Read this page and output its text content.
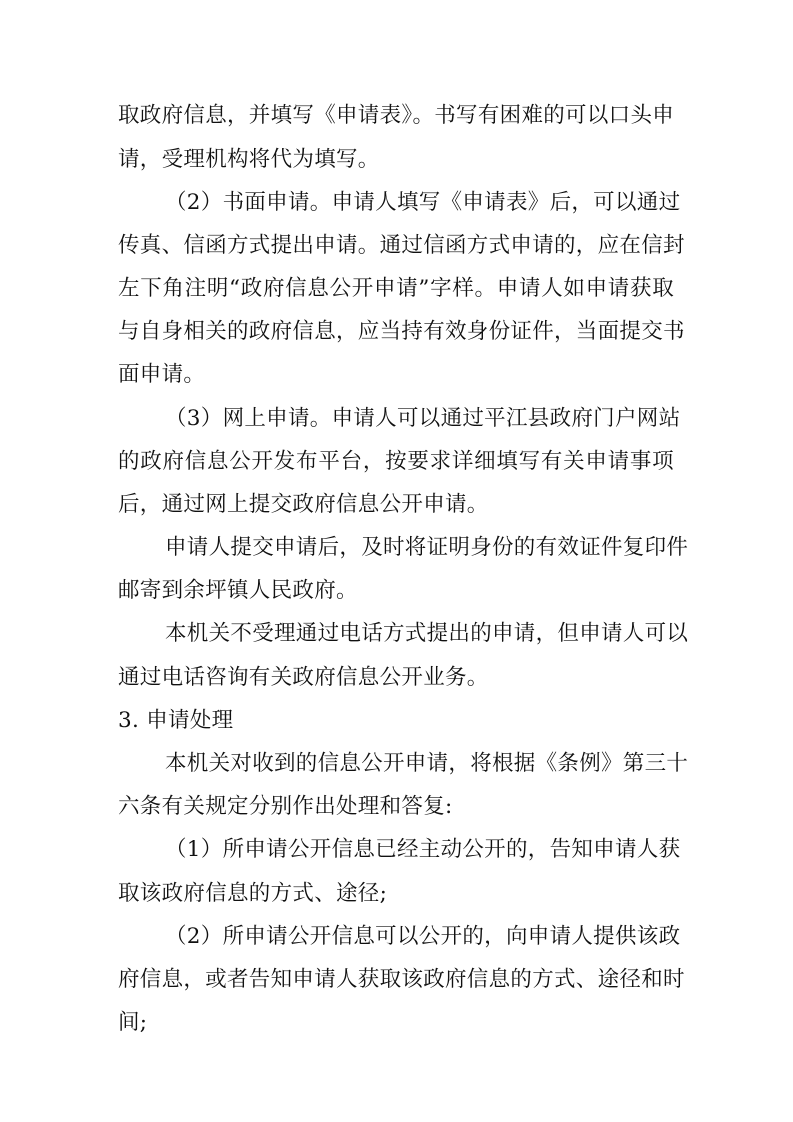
取政府信息，并填写《申请表》。书写有困难的可以口头申
请，受理机构将代为填写。
（2）书面申请。申请人填写《申请表》后，可以通过
传真、信函方式提出申请。通过信函方式申请的，应在信封
左下角注明“政府信息公开申请”字样。申请人如申请获取
与自身相关的政府信息，应当持有效身份证件，当面提交书
面申请。
（3）网上申请。申请人可以通过平江县政府门户网站
的政府信息公开发布平台，按要求详细填写有关申请事项
后，通过网上提交政府信息公开申请。
申请人提交申请后，及时将证明身份的有效证件复印件
邮寄到余坪镇人民政府。
本机关不受理通过电话方式提出的申请，但申请人可以
通过电话咨询有关政府信息公开业务。
3. 申请处理
本机关对收到的信息公开申请，将根据《条例》第三十
六条有关规定分别作出处理和答复:
（1）所申请公开信息已经主动公开的，告知申请人获
取该政府信息的方式、途径;
（2）所申请公开信息可以公开的，向申请人提供该政
府信息，或者告知申请人获取该政府信息的方式、途径和时
间;
